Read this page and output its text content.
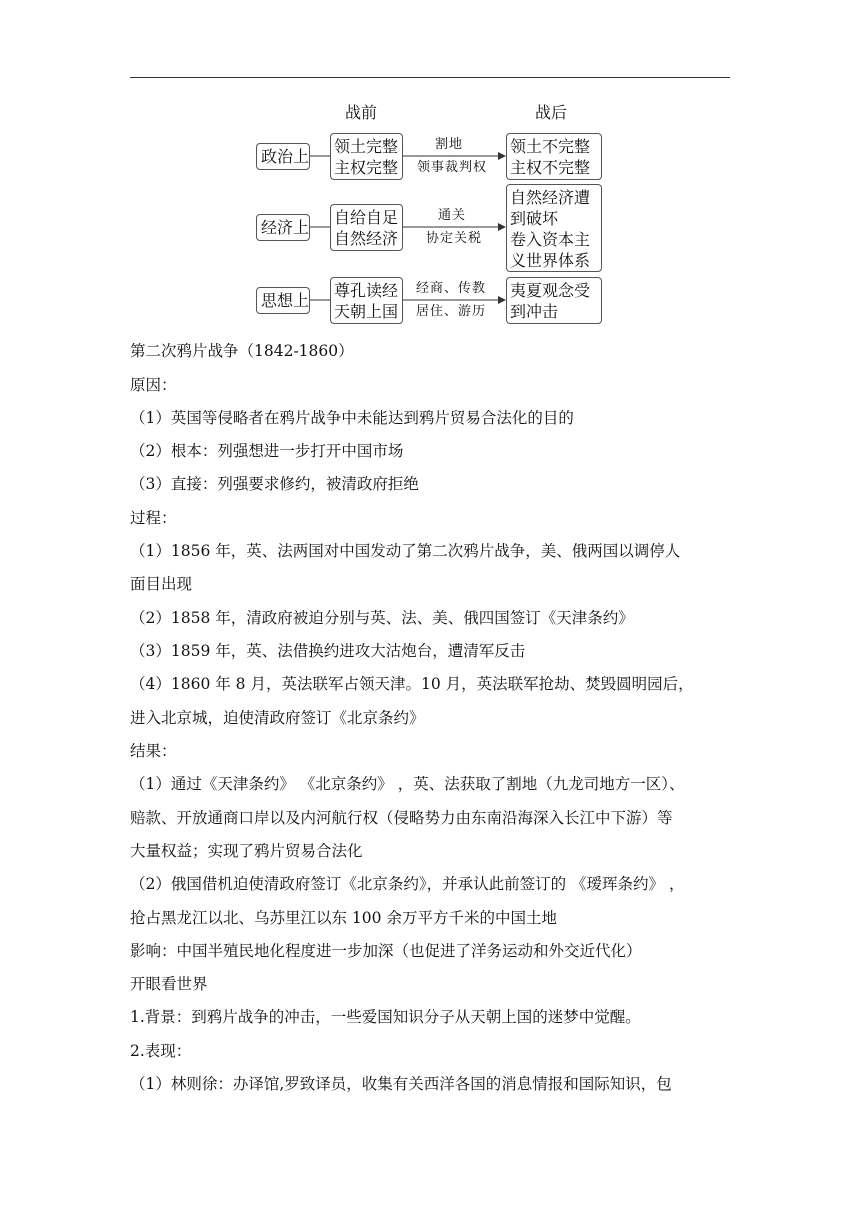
战前	战后
政治上
领土完整
主权完整
割地
领事裁判权
领土不完整
主权不完整
经济上
自给自足
自然经济
通关
协定关税
自然经济遭
到破坏
卷入资本主
义世界体系
思想上
尊孔读经
天朝上国
经商、传教
居住、游历
夷夏观念受
到冲击
第二次鸦片战争（1842-1860）
原因：
（1）英国等侵略者在鸦片战争中未能达到鸦片贸易合法化的目的
（2）根本：列强想进一步打开中国市场
（3）直接：列强要求修约，被清政府拒绝
过程：
（1）1856 年，英、法两国对中国发动了第二次鸦片战争，美、俄两国以调停人
面目出现
（2）1858 年，清政府被迫分别与英、法、美、俄四国签订《天津条约》
（3）1859 年，英、法借换约进攻大沽炮台，遭清军反击
（4）1860 年 8 月，英法联军占领天津。10 月，英法联军抢劫、焚毁圆明园后，
进入北京城，迫使清政府签订《北京条约》
结果：
（1）通过《天津条约》 《北京条约》 ，英、法获取了割地（九龙司地方一区）、
赔款、开放通商口岸以及内河航行权（侵略势力由东南沿海深入长江中下游）等
大量权益；实现了鸦片贸易合法化
（2）俄国借机迫使清政府签订《北京条约》，并承认此前签订的 《瑷珲条约》 ，
抢占黑龙江以北、乌苏里江以东 100 余万平方千米的中国土地
影响：中国半殖民地化程度进一步加深（也促进了洋务运动和外交近代化）
开眼看世界
1.背景：到鸦片战争的冲击，一些爱国知识分子从天朝上国的迷梦中觉醒。
2.表现：
（1）林则徐：办译馆,罗致译员，收集有关西洋各国的消息情报和国际知识，包
